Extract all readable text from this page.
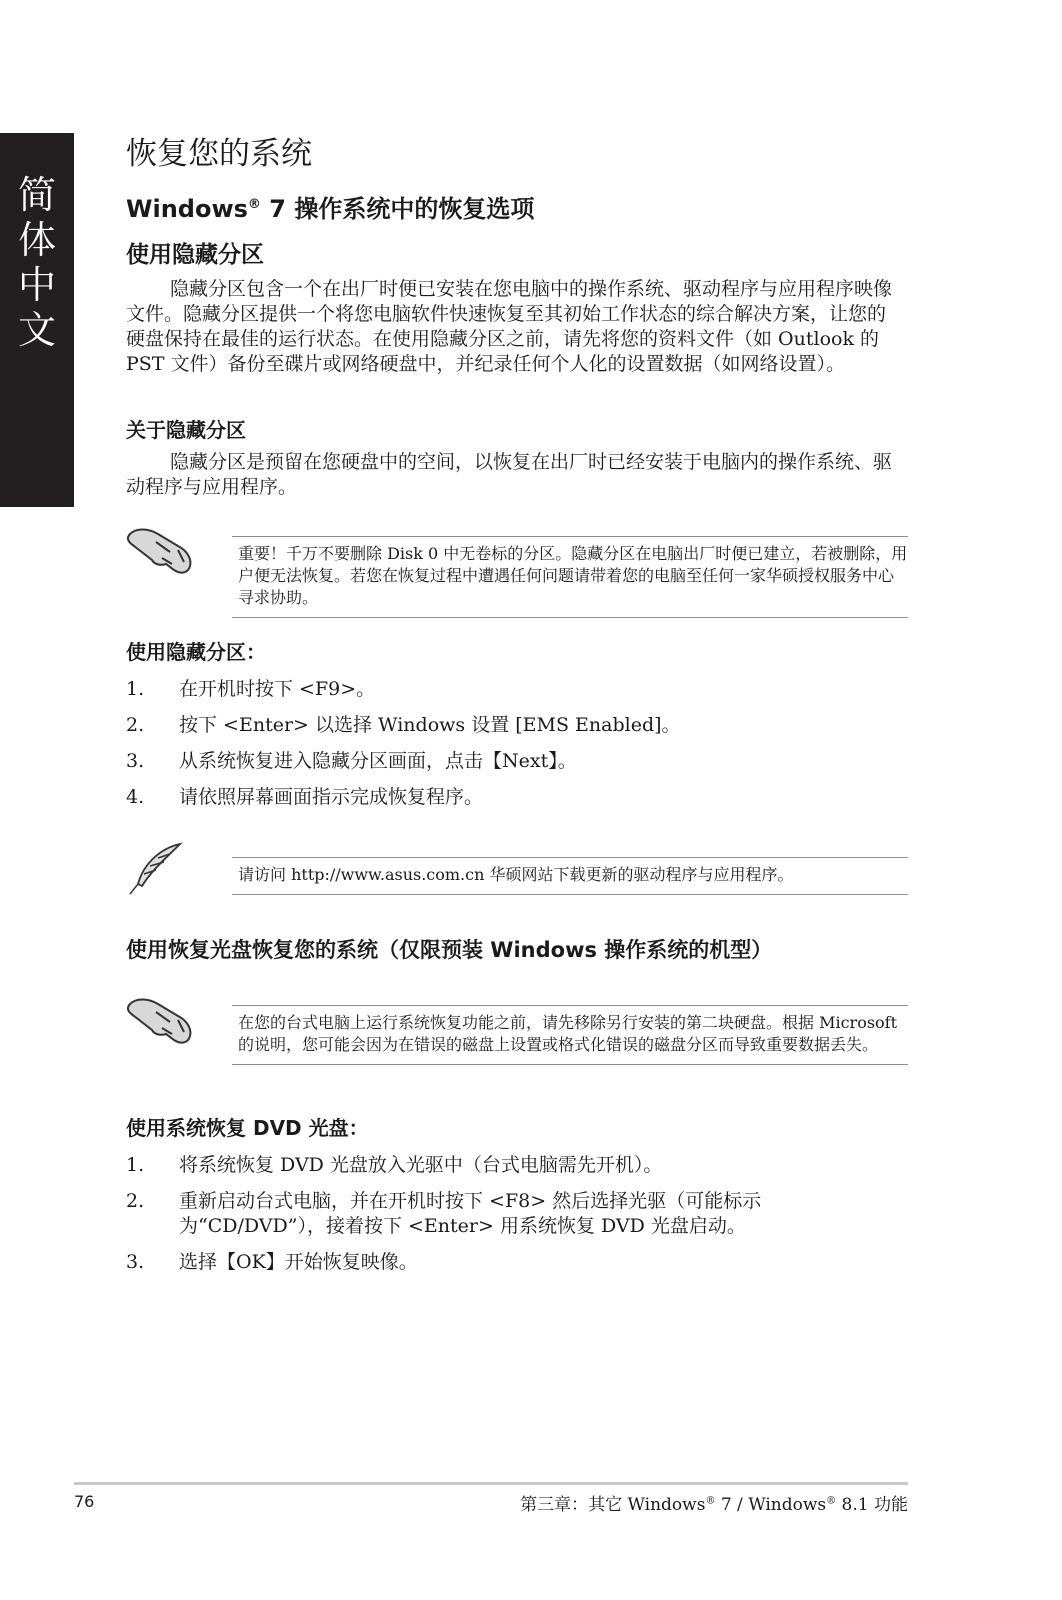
简体中文
恢复您的系统
Windows® 7 操作系统中的恢复选项
使用隐藏分区

隐藏分区包含一个在出厂时便已安装在您电脑中的操作系统、驱动程序与应用程序映像文件。隐藏分区提供一个将您电脑软件快速恢复至其初始工作状态的综合解决方案，让您的硬盘保持在最佳的运行状态。在使用隐藏分区之前，请先将您的资料文件（如 Outlook 的 PST 文件）备份至碟片或网络硬盘中，并纪录任何个人化的设置数据（如网络设置）。

关于隐藏分区

隐藏分区是预留在您硬盘中的空间，以恢复在出厂时已经安装于电脑内的操作系统、驱动程序与应用程序。

重要！千万不要删除 Disk 0 中无卷标的分区。隐藏分区在电脑出厂时便已建立，若被删除，用户便无法恢复。若您在恢复过程中遭遇任何问题请带着您的电脑至任何一家华硕授权服务中心寻求协助。
使用隐藏分区：
1. 在开机时按下 <F9>。
2. 按下 <Enter> 以选择 Windows 设置 [EMS Enabled]。
3. 从系统恢复进入隐藏分区画面，点击【Next】。
4. 请依照屏幕画面指示完成恢复程序。
请访问 http://www.asus.com.cn 华硕网站下载更新的驱动程序与应用程序。
使用恢复光盘恢复您的系统（仅限预装 Windows 操作系统的机型）
在您的台式电脑上运行系统恢复功能之前，请先移除另行安装的第二块硬盘。根据 Microsoft 的说明，您可能会因为在错误的磁盘上设置或格式化错误的磁盘分区而导致重要数据丢失。
使用系统恢复 DVD 光盘：
1. 将系统恢复 DVD 光盘放入光驱中（台式电脑需先开机）。
2. 重新启动台式电脑，并在开机时按下 <F8> 然后选择光驱（可能标示为“CD/DVD”），接着按下 <Enter> 用系统恢复 DVD 光盘启动。
3. 选择【OK】开始恢复映像。
76	第三章：其它 Windows® 7 / Windows® 8.1 功能
